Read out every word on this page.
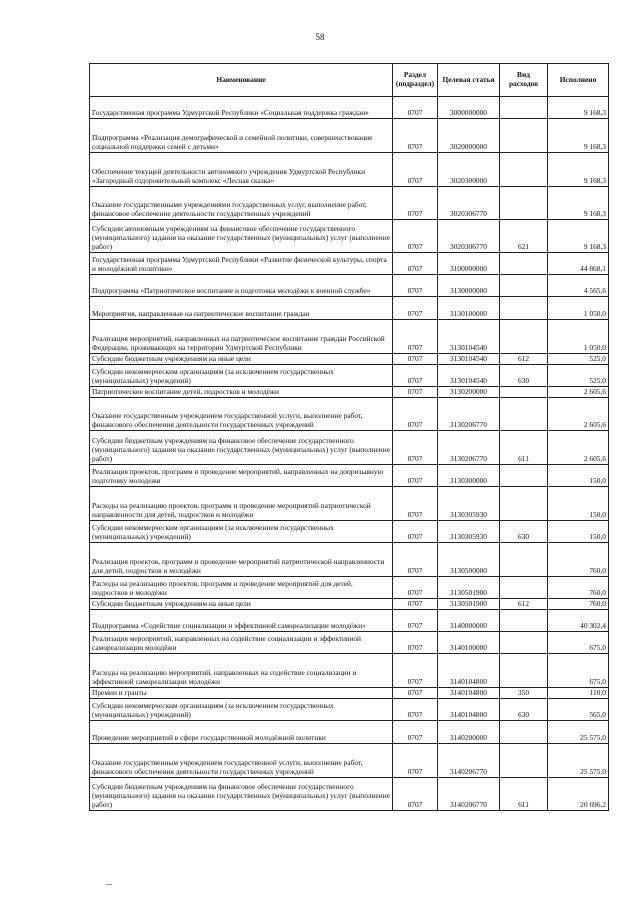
58
Наименование	Раздел (подраздел)	Целевая статья	Вид расходов	Исполнено
Государственная программа Удмуртской Республики «Социальная поддержка граждан»	0707	3000000000		9 168,3
Подпрограмма «Реализация демографической и семейной политики, совершенствование социальной поддержки семей с детьми»	0707	3020000000		9 168,3
Обеспечение текущей деятельности автономного учреждения Удмуртской Республики «Загородный оздоровительный комплекс «Лесная сказка»	0707	3020300000		9 168,3
Оказание государственными учреждениями государственных услуг, выполнение работ, финансовое обеспечение деятельности государственных учреждений	0707	3020306770		9 168,3
Субсидии автономным учреждениям на финансовое обеспечение государственного (муниципального) задания на оказание государственных (муниципальных) услуг (выполнение работ)	0707	3020306770	621	9 168,3
Государственная программа Удмуртской Республики «Развитие физической культуры, спорта и молодёжной политики»	0707	3100000000		44 868,1
Подпрограмма «Патриотическое воспитание и подготовка молодёжи к военной службе»	0707	3130000000		4 565,6
Мероприятия, направленные на патриотическое воспитание граждан	0707	3130100000		1 050,0
Реализация мероприятий, направленных на патриотическое воспитание граждан Российской Федерации, проживающих на территории Удмуртской Республики	0707	3130104540		1 050,0
Субсидии бюджетным учреждениям на иные цели	0707	3130104540	612	525,0
Субсидии некоммерческим организациям (за исключением государственных (муниципальных) учреждений)	0707	3130104540	630	525,0
Патриотическое воспитание детей, подростков и молодёжи	0707	3130200000		2 605,6
Оказание государственным учреждением государственной услуги, выполнение работ, финансового обеспечения деятельности государственных учреждений	0707	3130206770		2 605,6
Субсидии бюджетным учреждениям на финансовое обеспечение государственного (муниципального) задания на оказание государственных (муниципальных) услуг (выполнение работ)	0707	3130206770	611	2 605,6
Реализация проектов, программ и проведение мероприятий, направленных на допризывную подготовку молодежи	0707	3130300000		150,0
Расходы на реализацию проектов, программ и проведение мероприятий патриотической направленности для детей, подростков и молодёжи	0707	3130305930		150,0
Субсидии некоммерческим организациям (за исключением государственных (муниципальных) учреждений)	0707	3130305930	630	150,0
Реализация проектов, программ и проведение мероприятий патриотической направленности для детей, подростков и молодёжи	0707	3130500000		760,0
Расходы на реализацию проектов, программ и проведение мероприятий для детей, подростков и молодёжи	0707	3130501900		760,0
Субсидии бюджетным учреждениям на иные цели	0707	3130501900	612	760,0
Подпрограмма «Содействие социализации и эффективной самореализации молодёжи»	0707	3140000000		40 302,4
Реализация мероприятий, направленных на содействие социализации и эффективной самореализации молодёжи	0707	3140100000		675,0
Расходы на реализацию мероприятий, направленных на содействие социализации и эффективной самореализации молодёжи	0707	3140104800		675,0
Премии и гранты	0707	3140104800	350	110,0
Субсидии некоммерческим организациям (за исключением государственных (муниципальных) учреждений)	0707	3140104800	630	565,0
Проведение мероприятий в сфере государственной молодёжной политики	0707	3140200000		25 575,0
Оказание государственным учреждением государственной услуги, выполнение работ, финансового обеспечения деятельности государственных учреждений	0707	3140206770		25 575,0
Субсидии бюджетным учреждениям на финансовое обеспечение государственного (муниципального) задания на оказание государственных (муниципальных) услуг (выполнение работ)	0707	3140206770	611	20 696,2
